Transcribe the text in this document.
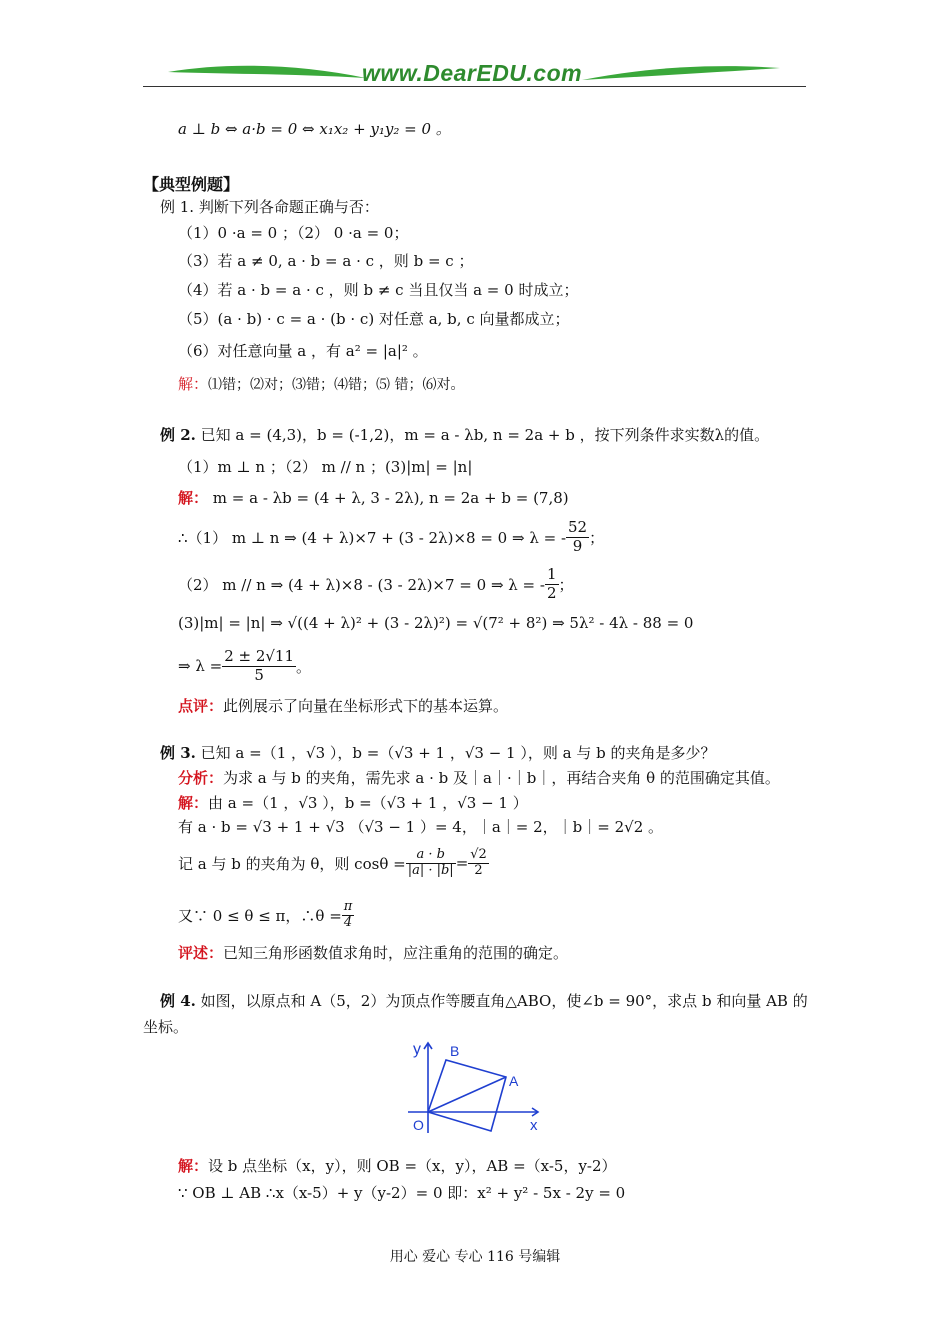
www.DearEDU.com
a ⊥ b ⇔ a·b = 0 ⇔ x₁x₂ + y₁y₂ = 0 。
【典型例题】
例 1. 判断下列各命题正确与否：
（1）0 ·a = 0 ；（2） 0 ·a = 0；
（3）若 a ≠ 0, a · b = a · c ，则 b = c ；
（4）若 a · b = a · c ，则 b ≠ c 当且仅当 a = 0 时成立；
（5）(a · b) · c = a · (b · c) 对任意 a, b, c 向量都成立；
（6）对任意向量 a ，有 a² = |a|² 。
解：⑴错；⑵对；⑶错；⑷错；⑸ 错；⑹对。
例 2. 已知 a = (4,3)，b = (-1,2)，m = a - λb, n = 2a + b ，按下列条件求实数λ的值。
（1）m ⊥ n ；（2） m // n ；(3)|m| = |n|
解： m = a - λb = (4 + λ, 3 - 2λ), n = 2a + b = (7,8)
∴（1） m ⊥ n ⇒ (4 + λ)×7 + (3 - 2λ)×8 = 0 ⇒ λ = - $\frac{52}{9}$ ；
（2） m // n ⇒ (4 + λ)×8 - (3 - 2λ)×7 = 0 ⇒ λ = - $\frac{1}{2}$ ；
(3)|m| = |n| ⇒ √((4 + λ)² + (3 - 2λ)²) = √(7² + 8²) ⇒ 5λ² - 4λ - 88 = 0
⇒ $\lambda = \frac{2 \pm 2√11}{5}$ 。
点评：此例展示了向量在坐标形式下的基本运算。
例 3. 已知 a =（1 ，√3 ），b =（√3 + 1 ，√3 − 1 ），则 a 与 b 的夹角是多少？
分析：为求 a 与 b 的夹角，需先求 a · b 及｜a｜·｜b｜，再结合夹角 θ 的范围确定其值。
解：由 a =（1 ，√3 ），b =（√3 + 1 ，√3 − 1 ）
有 a · b = √3 + 1 + √3 （√3 − 1 ）= 4，｜a｜= 2，｜b｜= 2√2 。
记 a 与 b 的夹角为 θ，则 $\cos\theta = \frac{a \cdot b}{|a| \cdot |b|} = \frac{√2}{2}$
又∵ 0 ≤ θ ≤ π，∴θ = $\frac{\pi}{4}$
评述：已知三角形函数值求角时，应注重角的范围的确定。
例 4. 如图，以原点和 A（5，2）为顶点作等腰直角△ABO，使∠b = 90°，求点 b 和向量 AB 的
坐标。
y B
A
O	x
解：设 b 点坐标（x，y），则 OB =（x，y），AB =（x-5，y-2）
∵ OB ⊥ AB ∴x（x-5）+ y（y-2）= 0 即：x² + y² - 5x - 2y = 0
用心 爱心 专心 116 号编辑
